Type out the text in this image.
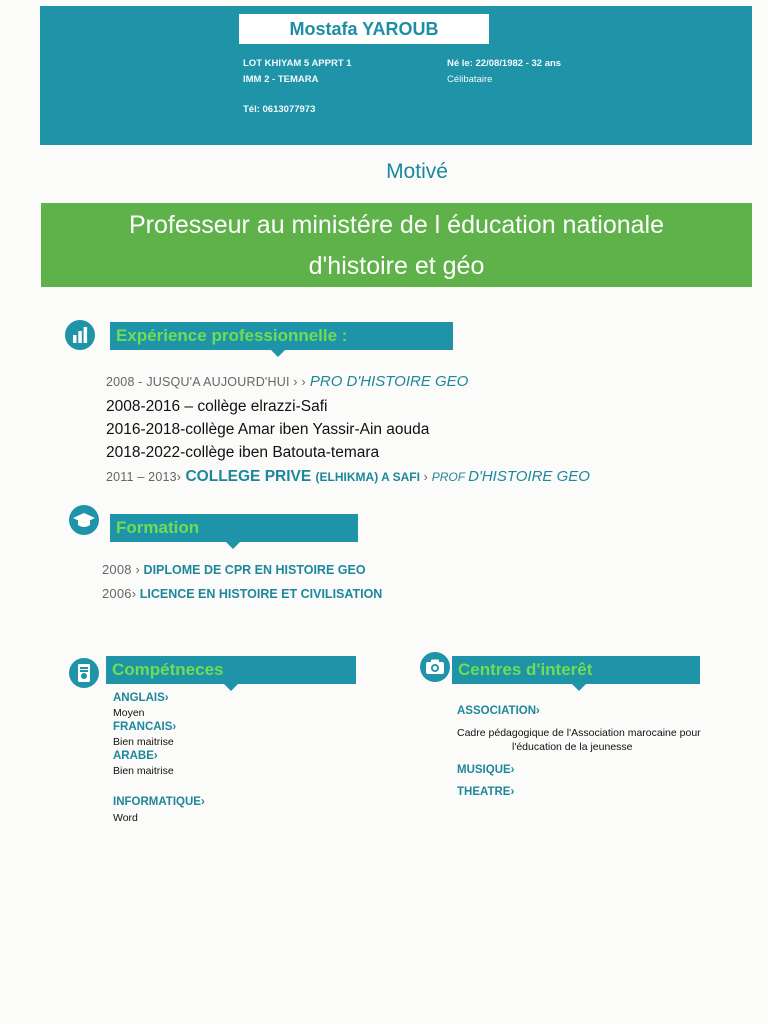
Mostafa YAROUB
LOT KHIYAM 5 APPRT 1
IMM 2 - TEMARA
Tél: 0613077973
Né le: 22/08/1982 - 32 ans
Célibataire
Motivé
Professeur au ministére de l éducation nationale
d'histoire et géo
Expérience professionnelle :
2008 - JUSQU'A AUJOURD'HUI › › PRO D'HISTOIRE GEO
2008-2016 – collège elrazzi-Safi
2016-2018-collège Amar iben Yassir-Ain aouda
2018-2022-collège iben Batouta-temara
2011 – 2013› COLLEGE PRIVE (ELHIKMA) A SAFI › PROF D'HISTOIRE GEO
Formation
2008 › DIPLOME DE CPR EN HISTOIRE GEO
2006› LICENCE EN HISTOIRE ET CIVILISATION
Compétneces
ANGLAIS›
Moyen
FRANCAIS›
Bien maitrise
ARABE›
Bien maitrise
INFORMATIQUE›
Word
Centres d'interêt
ASSOCIATION›
Cadre pédagogique de l'Association marocaine pour
l'éducation de la jeunesse
MUSIQUE›
THEATRE›
